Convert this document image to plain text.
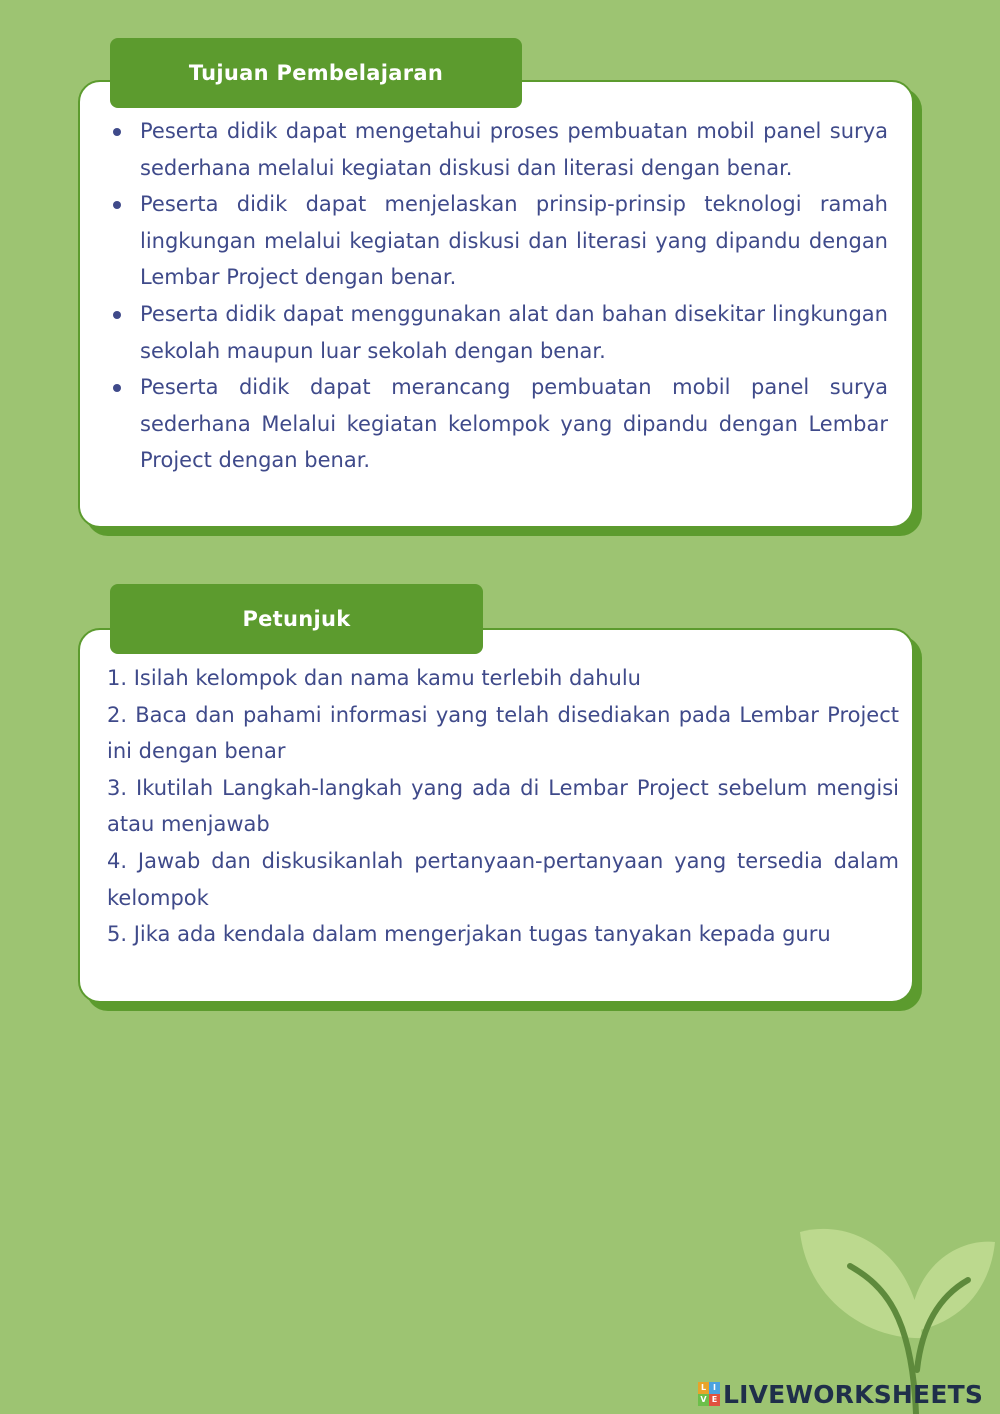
Tujuan Pembelajaran
Peserta didik dapat mengetahui proses pembuatan mobil panel surya sederhana melalui kegiatan diskusi dan literasi dengan benar.
Peserta didik dapat menjelaskan prinsip-prinsip teknologi ramah lingkungan melalui kegiatan diskusi dan literasi yang dipandu dengan Lembar Project dengan benar.
Peserta didik dapat menggunakan alat dan bahan disekitar lingkungan sekolah maupun luar sekolah dengan benar.
Peserta didik dapat merancang pembuatan mobil panel surya sederhana Melalui kegiatan kelompok yang dipandu dengan Lembar Project dengan benar.
Petunjuk
1. Isilah kelompok dan nama kamu terlebih dahulu
2. Baca dan pahami informasi yang telah disediakan pada Lembar Project ini dengan benar
3. Ikutilah Langkah-langkah yang ada di Lembar Project sebelum mengisi atau menjawab
4. Jawab dan diskusikanlah pertanyaan-pertanyaan yang tersedia dalam kelompok
5. Jika ada kendala dalam mengerjakan tugas tanyakan kepada guru
L I
V E LIVEWORKSHEETS
